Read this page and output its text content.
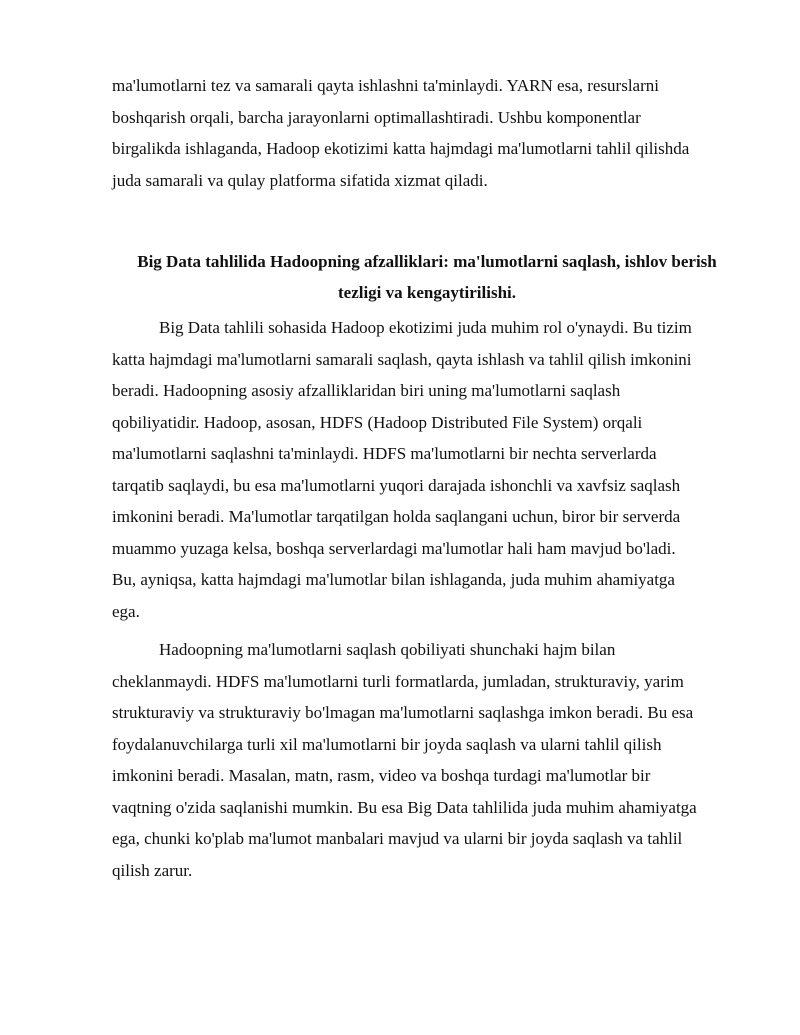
ma'lumotlarni tez va samarali qayta ishlashni ta'minlaydi. YARN esa, resurslarni
boshqarish orqali, barcha jarayonlarni optimallashtiradi. Ushbu komponentlar
birgalikda ishlaganda, Hadoop ekotizimi katta hajmdagi ma'lumotlarni tahlil qilishda
juda samarali va qulay platforma sifatida xizmat qiladi.

Big Data tahlilida Hadoopning afzalliklari: ma'lumotlarni saqlash, ishlov berish
tezligi va kengaytirilishi.

Big Data tahlili sohasida Hadoop ekotizimi juda muhim rol o'ynaydi. Bu tizim
katta hajmdagi ma'lumotlarni samarali saqlash, qayta ishlash va tahlil qilish imkonini
beradi. Hadoopning asosiy afzalliklaridan biri uning ma'lumotlarni saqlash
qobiliyatidir. Hadoop, asosan, HDFS (Hadoop Distributed File System) orqali
ma'lumotlarni saqlashni ta'minlaydi. HDFS ma'lumotlarni bir nechta serverlarda
tarqatib saqlaydi, bu esa ma'lumotlarni yuqori darajada ishonchli va xavfsiz saqlash
imkonini beradi. Ma'lumotlar tarqatilgan holda saqlangani uchun, biror bir serverda
muammo yuzaga kelsa, boshqa serverlardagi ma'lumotlar hali ham mavjud bo'ladi.
Bu, ayniqsa, katta hajmdagi ma'lumotlar bilan ishlaganda, juda muhim ahamiyatga
ega.

Hadoopning ma'lumotlarni saqlash qobiliyati shunchaki hajm bilan
cheklanmaydi. HDFS ma'lumotlarni turli formatlarda, jumladan, strukturaviy, yarim
strukturaviy va strukturaviy bo'lmagan ma'lumotlarni saqlashga imkon beradi. Bu esa
foydalanuvchilarga turli xil ma'lumotlarni bir joyda saqlash va ularni tahlil qilish
imkonini beradi. Masalan, matn, rasm, video va boshqa turdagi ma'lumotlar bir
vaqtning o'zida saqlanishi mumkin. Bu esa Big Data tahlilida juda muhim ahamiyatga
ega, chunki ko'plab ma'lumot manbalari mavjud va ularni bir joyda saqlash va tahlil
qilish zarur.
